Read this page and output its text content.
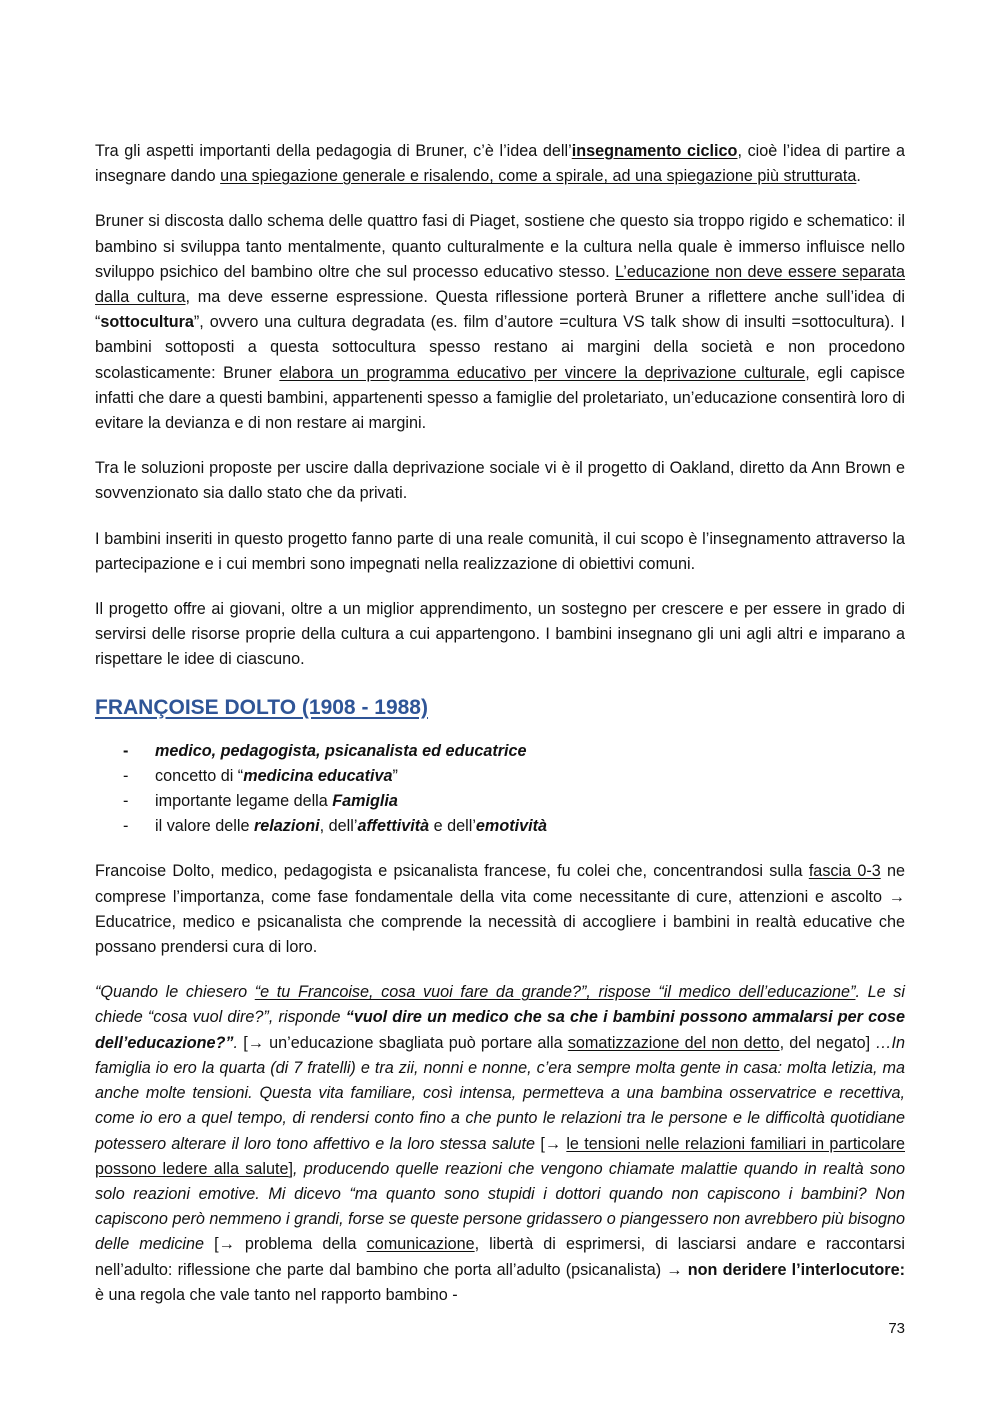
Tra gli aspetti importanti della pedagogia di Bruner, c’è l’idea dell’insegnamento ciclico, cioè l’idea di partire a insegnare dando una spiegazione generale e risalendo, come a spirale, ad una spiegazione più strutturata.

Bruner si discosta dallo schema delle quattro fasi di Piaget, sostiene che questo sia troppo rigido e schematico: il bambino si sviluppa tanto mentalmente, quanto culturalmente e la cultura nella quale è immerso influisce nello sviluppo psichico del bambino oltre che sul processo educativo stesso. L’educazione non deve essere separata dalla cultura, ma deve esserne espressione. Questa riflessione porterà Bruner a riflettere anche sull’idea di “sottocultura”, ovvero una cultura degradata (es. film d’autore =cultura VS talk show di insulti =sottocultura). I bambini sottoposti a questa sottocultura spesso restano ai margini della società e non procedono scolasticamente: Bruner elabora un programma educativo per vincere la deprivazione culturale, egli capisce infatti che dare a questi bambini, appartenenti spesso a famiglie del proletariato, un’educazione consentirà loro di evitare la devianza e di non restare ai margini.

Tra le soluzioni proposte per uscire dalla deprivazione sociale vi è il progetto di Oakland, diretto da Ann Brown e sovvenzionato sia dallo stato che da privati.

I bambini inseriti in questo progetto fanno parte di una reale comunità, il cui scopo è l’insegnamento attraverso la partecipazione e i cui membri sono impegnati nella realizzazione di obiettivi comuni.

Il progetto offre ai giovani, oltre a un miglior apprendimento, un sostegno per crescere e per essere in grado di servirsi delle risorse proprie della cultura a cui appartengono. I bambini insegnano gli uni agli altri e imparano a rispettare le idee di ciascuno.

FRANÇOISE DOLTO (1908 - 1988)
- medico, pedagogista, psicanalista ed educatrice
- concetto di “medicina educativa”
- importante legame della Famiglia
- il valore delle relazioni, dell’affettività e dell’emotività

Francoise Dolto, medico, pedagogista e psicanalista francese, fu colei che, concentrandosi sulla fascia 0-3 ne comprese l’importanza, come fase fondamentale della vita come necessitante di cure, attenzioni e ascolto → Educatrice, medico e psicanalista che comprende la necessità di accogliere i bambini in realtà educative che possano prendersi cura di loro.

“Quando le chiesero “e tu Francoise, cosa vuoi fare da grande?”, rispose “il medico dell’educazione”. Le si chiede “cosa vuol dire?”, risponde “vuol dire un medico che sa che i bambini possono ammalarsi per cose dell’educazione?”. [→ un’educazione sbagliata può portare alla somatizzazione del non detto, del negato] …In famiglia io ero la quarta (di 7 fratelli) e tra zii, nonni e nonne, c’era sempre molta gente in casa: molta letizia, ma anche molte tensioni. Questa vita familiare, così intensa, permetteva a una bambina osservatrice e recettiva, come io ero a quel tempo, di rendersi conto fino a che punto le relazioni tra le persone e le difficoltà quotidiane potessero alterare il loro tono affettivo e la loro stessa salute [→ le tensioni nelle relazioni familiari in particolare possono ledere alla salute], producendo quelle reazioni che vengono chiamate malattie quando in realtà sono solo reazioni emotive. Mi dicevo “ma quanto sono stupidi i dottori quando non capiscono i bambini? Non capiscono però nemmeno i grandi, forse se queste persone gridassero o piangessero non avrebbero più bisogno delle medicine [→ problema della comunicazione, libertà di esprimersi, di lasciarsi andare e raccontarsi nell’adulto: riflessione che parte dal bambino che porta all’adulto (psicanalista) → non deridere l’interlocutore: è una regola che vale tanto nel rapporto bambino -

73
